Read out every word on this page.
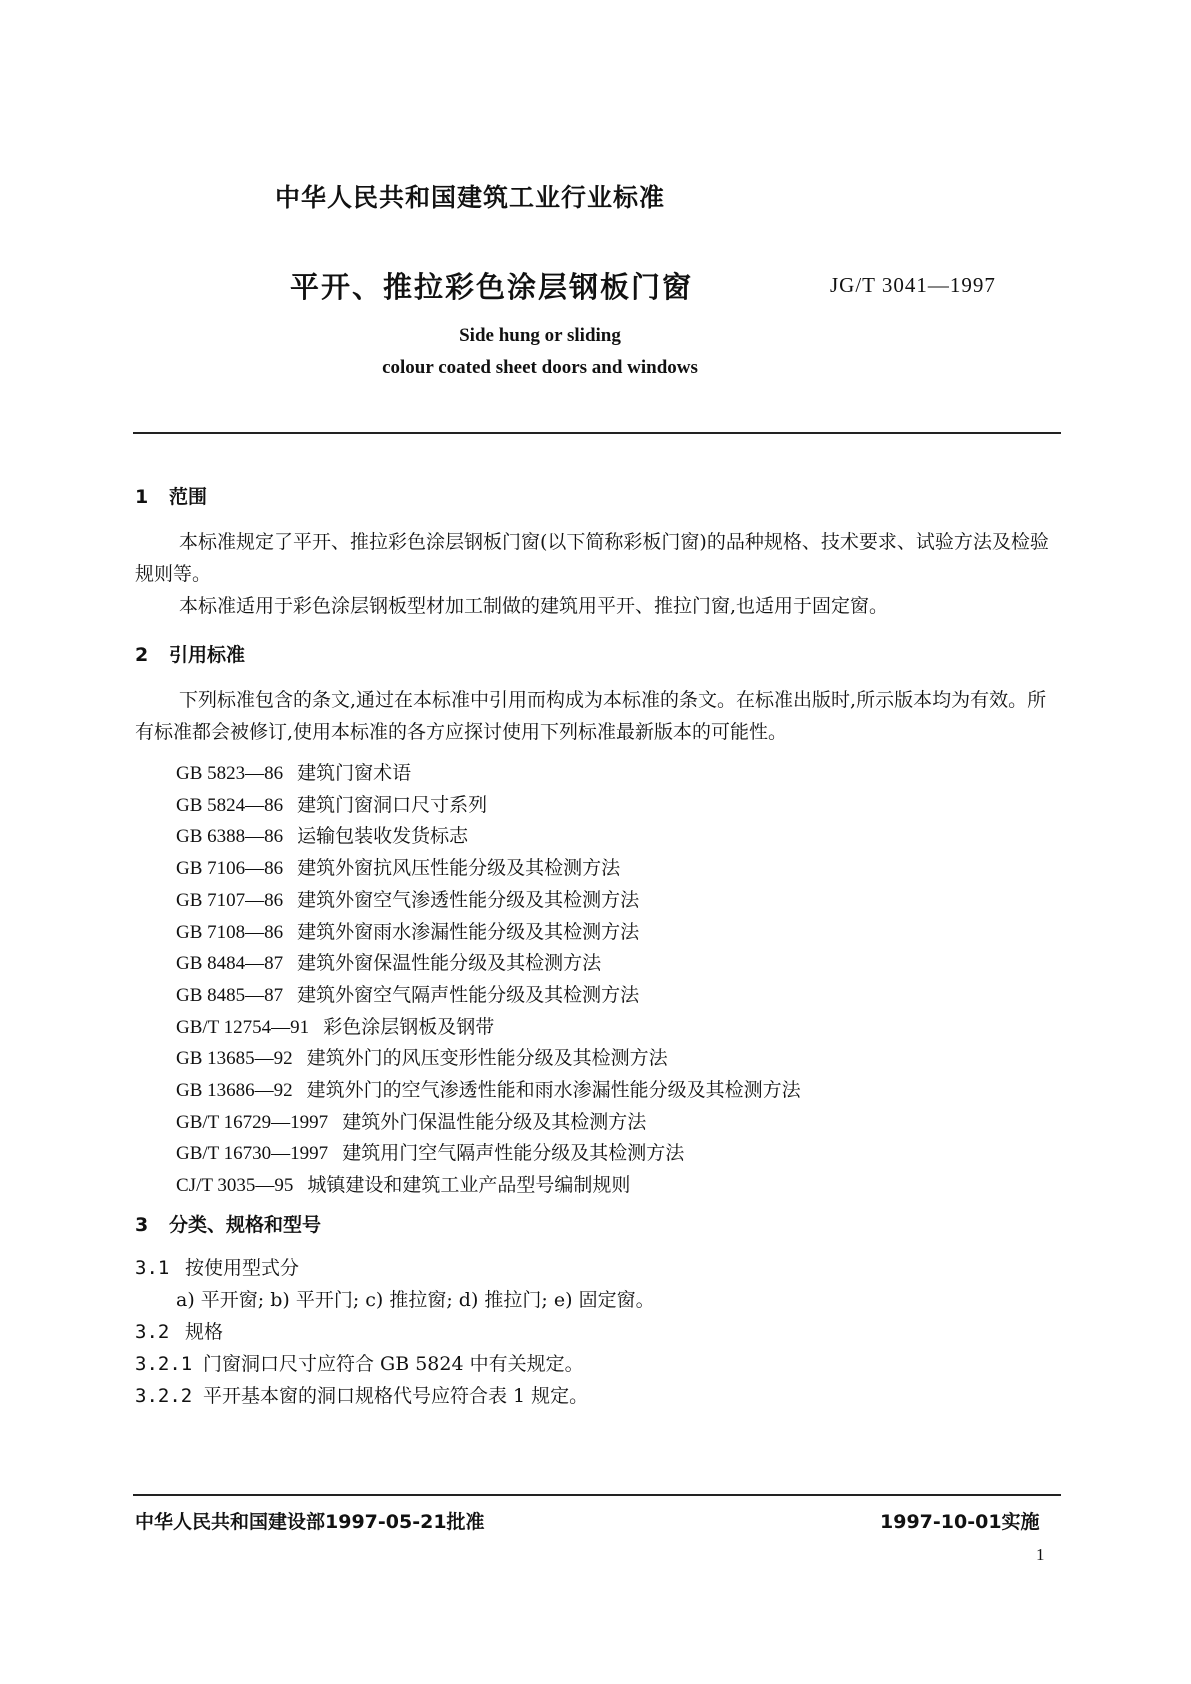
中华人民共和国建筑工业行业标准
平开、推拉彩色涂层钢板门窗	JG/T 3041—1997
Side hung or sliding
colour coated sheet doors and windows
1 范围
本标准规定了平开、推拉彩色涂层钢板门窗(以下简称彩板门窗)的品种规格、技术要求、试验方法及检验规则等。
本标准适用于彩色涂层钢板型材加工制做的建筑用平开、推拉门窗,也适用于固定窗。
2 引用标准
下列标准包含的条文,通过在本标准中引用而构成为本标准的条文。在标准出版时,所示版本均为有效。所有标准都会被修订,使用本标准的各方应探讨使用下列标准最新版本的可能性。
GB 5823—86 建筑门窗术语
GB 5824—86 建筑门窗洞口尺寸系列
GB 6388—86 运输包装收发货标志
GB 7106—86 建筑外窗抗风压性能分级及其检测方法
GB 7107—86 建筑外窗空气渗透性能分级及其检测方法
GB 7108—86 建筑外窗雨水渗漏性能分级及其检测方法
GB 8484—87 建筑外窗保温性能分级及其检测方法
GB 8485—87 建筑外窗空气隔声性能分级及其检测方法
GB/T 12754—91 彩色涂层钢板及钢带
GB 13685—92 建筑外门的风压变形性能分级及其检测方法
GB 13686—92 建筑外门的空气渗透性能和雨水渗漏性能分级及其检测方法
GB/T 16729—1997 建筑外门保温性能分级及其检测方法
GB/T 16730—1997 建筑用门空气隔声性能分级及其检测方法
CJ/T 3035—95 城镇建设和建筑工业产品型号编制规则
3 分类、规格和型号
3.1 按使用型式分
a) 平开窗; b) 平开门; c) 推拉窗; d) 推拉门; e) 固定窗。
3.2 规格
3.2.1 门窗洞口尺寸应符合 GB 5824 中有关规定。
3.2.2 平开基本窗的洞口规格代号应符合表 1 规定。
中华人民共和国建设部1997-05-21批准	1997-10-01实施
1
